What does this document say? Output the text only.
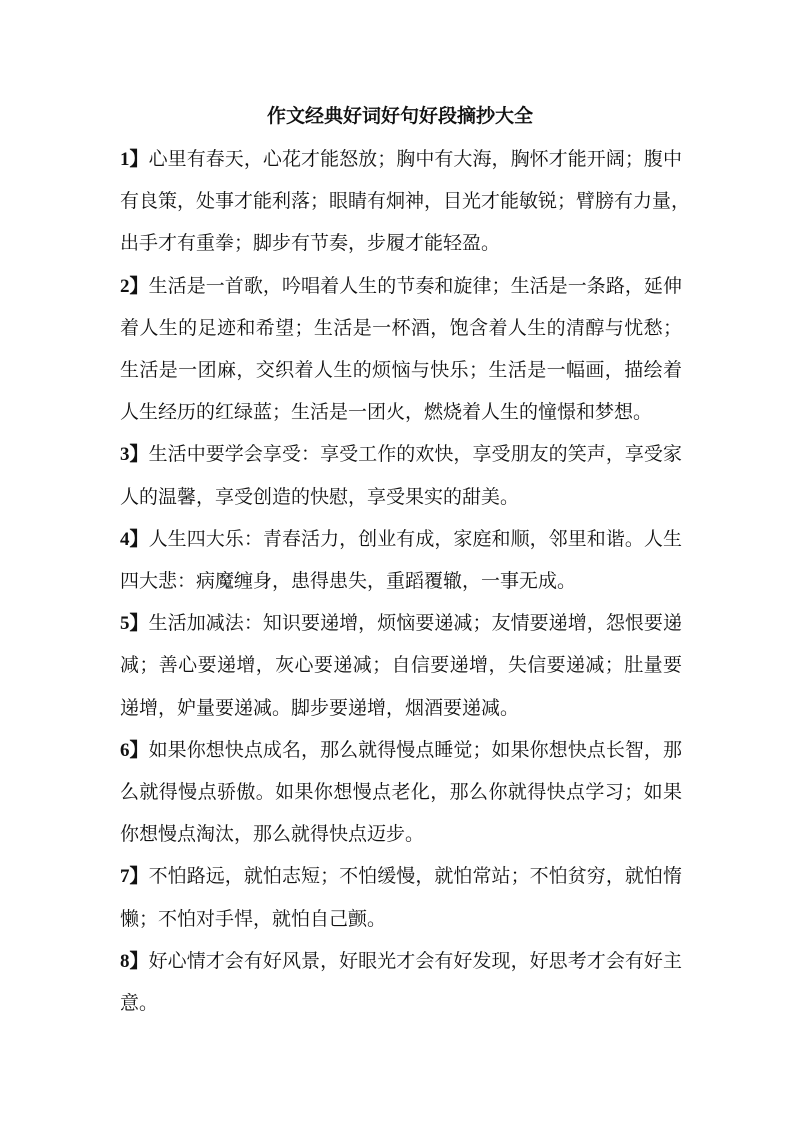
作文经典好词好句好段摘抄大全
1】心里有春天，心花才能怒放；胸中有大海，胸怀才能开阔；腹中
有良策，处事才能利落；眼睛有炯神，目光才能敏锐；臂膀有力量，
出手才有重拳；脚步有节奏，步履才能轻盈。
2】生活是一首歌，吟唱着人生的节奏和旋律；生活是一条路，延伸
着人生的足迹和希望；生活是一杯酒，饱含着人生的清醇与忧愁；
生活是一团麻，交织着人生的烦恼与快乐；生活是一幅画，描绘着
人生经历的红绿蓝；生活是一团火，燃烧着人生的憧憬和梦想。
3】生活中要学会享受：享受工作的欢快，享受朋友的笑声，享受家
人的温馨，享受创造的快慰，享受果实的甜美。
4】人生四大乐：青春活力，创业有成，家庭和顺，邻里和谐。人生
四大悲：病魔缠身，患得患失，重蹈覆辙，一事无成。
5】生活加减法：知识要递增，烦恼要递减；友情要递增，怨恨要递
减；善心要递增，灰心要递减；自信要递增，失信要递减；肚量要
递增，妒量要递减。脚步要递增，烟酒要递减。
6】如果你想快点成名，那么就得慢点睡觉；如果你想快点长智，那
么就得慢点骄傲。如果你想慢点老化，那么你就得快点学习；如果
你想慢点淘汰，那么就得快点迈步。
7】不怕路远，就怕志短；不怕缓慢，就怕常站；不怕贫穷，就怕惰
懒；不怕对手悍，就怕自己颤。
8】好心情才会有好风景，好眼光才会有好发现，好思考才会有好主
意。
